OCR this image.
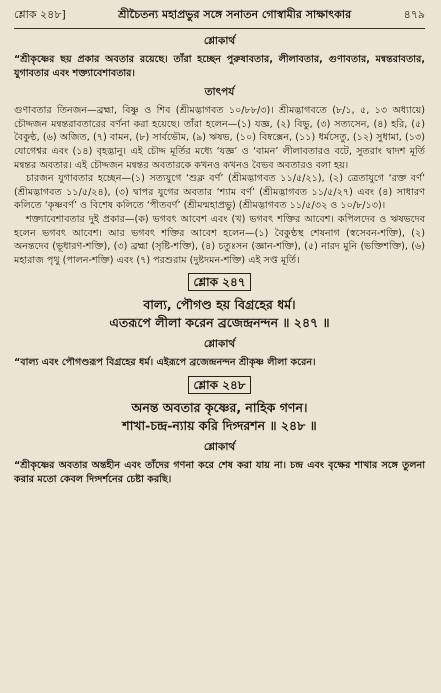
শ্লোক ২৪৮]	শ্রীচৈতন্য মহাপ্রভুর সঙ্গে সনাতন গোস্বামীর সাক্ষাৎকার	৪৭৯
শ্লোকার্থ

“শ্রীকৃষ্ণের ছয় প্রকার অবতার রয়েছে। তাঁরা হচ্ছেন পুরুষাবতার, লীলাবতার, গুণাবতার, মন্বন্তরাবতার, যুগাবতার এবং শক্ত্যাবেশাবতার।

তাৎপর্য

গুণাবতার তিনজন—ব্রহ্মা, বিষ্ণু ও শিব (শ্রীমদ্ভাগবত ১০/৮৮/৩)। শ্রীমদ্ভাগবতে (৮/১, ৫, ১৩ অধ্যায়ে) চৌদ্দজন মন্বন্তরাবতারের বর্ণনা করা হয়েছে। তাঁরা হলেন—(১) যজ্ঞ, (২) বিভু, (৩) সত্যসেন, (৪) হরি, (৫) বৈকুণ্ঠ, (৬) অজিত, (৭) বামন, (৮) সার্বভৌম, (৯) ঋষভ, (১০) বিষ্বক্সেন, (১১) ধর্মসেতু, (১২) সুধামা, (১৩) যোগেশ্বর এবং (১৪) বৃহদ্ভানু। এই চৌদ্দ মূর্তির মধ্যে ‘যজ্ঞ’ ও ‘বামন’ লীলাবতারও বটে, সুতরাং দ্বাদশ মূর্তি মন্বন্তর অবতার। এই চৌদ্দজন মন্বন্তর অবতারকে কখনও কখনও বৈভব অবতারও বলা হয়।

চারজন যুগাবতার হচ্ছেন—(১) সত্যযুগে ‘শুক্ল বর্ণ’ (শ্রীমদ্ভাগবত ১১/৫/২১), (২) ত্রেতাযুগে ‘রক্ত বর্ণ’ (শ্রীমদ্ভাগবত ১১/৫/২৪), (৩) দ্বাপর যুগের অবতার ‘শ্যাম বর্ণ’ (শ্রীমদ্ভাগবত ১১/৫/২৭) এবং (৪) সাধারণ কলিতে ‘কৃষ্ণবর্ণ’ ও বিশেষ কলিতে ‘পীতবর্ণ’ (শ্রীমন্মহাপ্রভু) (শ্রীমদ্ভাগবত ১১/৫/৩২ ও ১০/৮/১৩)।

শক্ত্যাবেশাবতার দুই প্রকার—(ক) ভগবৎ আবেশ এবং (খ) ভগবৎ শক্তির আবেশ। কপিলদেব ও ঋষভদেব হলেন ভগবৎ আবেশ। আর ভগবৎ শক্তির আবেশ হলেন—(১) বৈকুণ্ঠস্থ শেষনাগ (স্বসেবন-শক্তি), (২) অনন্তদেব (ভূধারণ-শক্তি), (৩) ব্রহ্মা (সৃষ্টি-শক্তি), (৪) চতুঃসন (জ্ঞান-শক্তি), (৫) নারদ মুনি (ভক্তিশক্তি), (৬) মহারাজ পৃথু (পালন-শক্তি) এবং (৭) পরশুরাম (দুষ্টদমন-শক্তি) এই সপ্ত মূর্তি।

শ্লোক ২৪৭
বাল্য, পৌগণ্ড হয় বিগ্রহের ধর্ম।
এতরূপে লীলা করেন ব্রজেন্দ্রনন্দন ॥ ২৪৭ ॥
শ্লোকার্থ

“বাল্য এবং পৌগণ্ডরূপ বিগ্রহের ধর্ম। এইরূপে ব্রজেন্দ্রনন্দন শ্রীকৃষ্ণ লীলা করেন।

শ্লোক ২৪৮
অনন্ত অবতার কৃষ্ণের, নাহিক গণন।
শাখা-চন্দ্র-ন্যায় করি দিগ্দরশন ॥ ২৪৮ ॥
শ্লোকার্থ

“শ্রীকৃষ্ণের অবতার অন্তহীন এবং তাঁদের গণনা করে শেষ করা যায় না। চন্দ্র এবং বৃক্ষের শাখার সঙ্গে তুলনা করার মতো কেবল দিগ্দর্শনের চেষ্টা করছি।
